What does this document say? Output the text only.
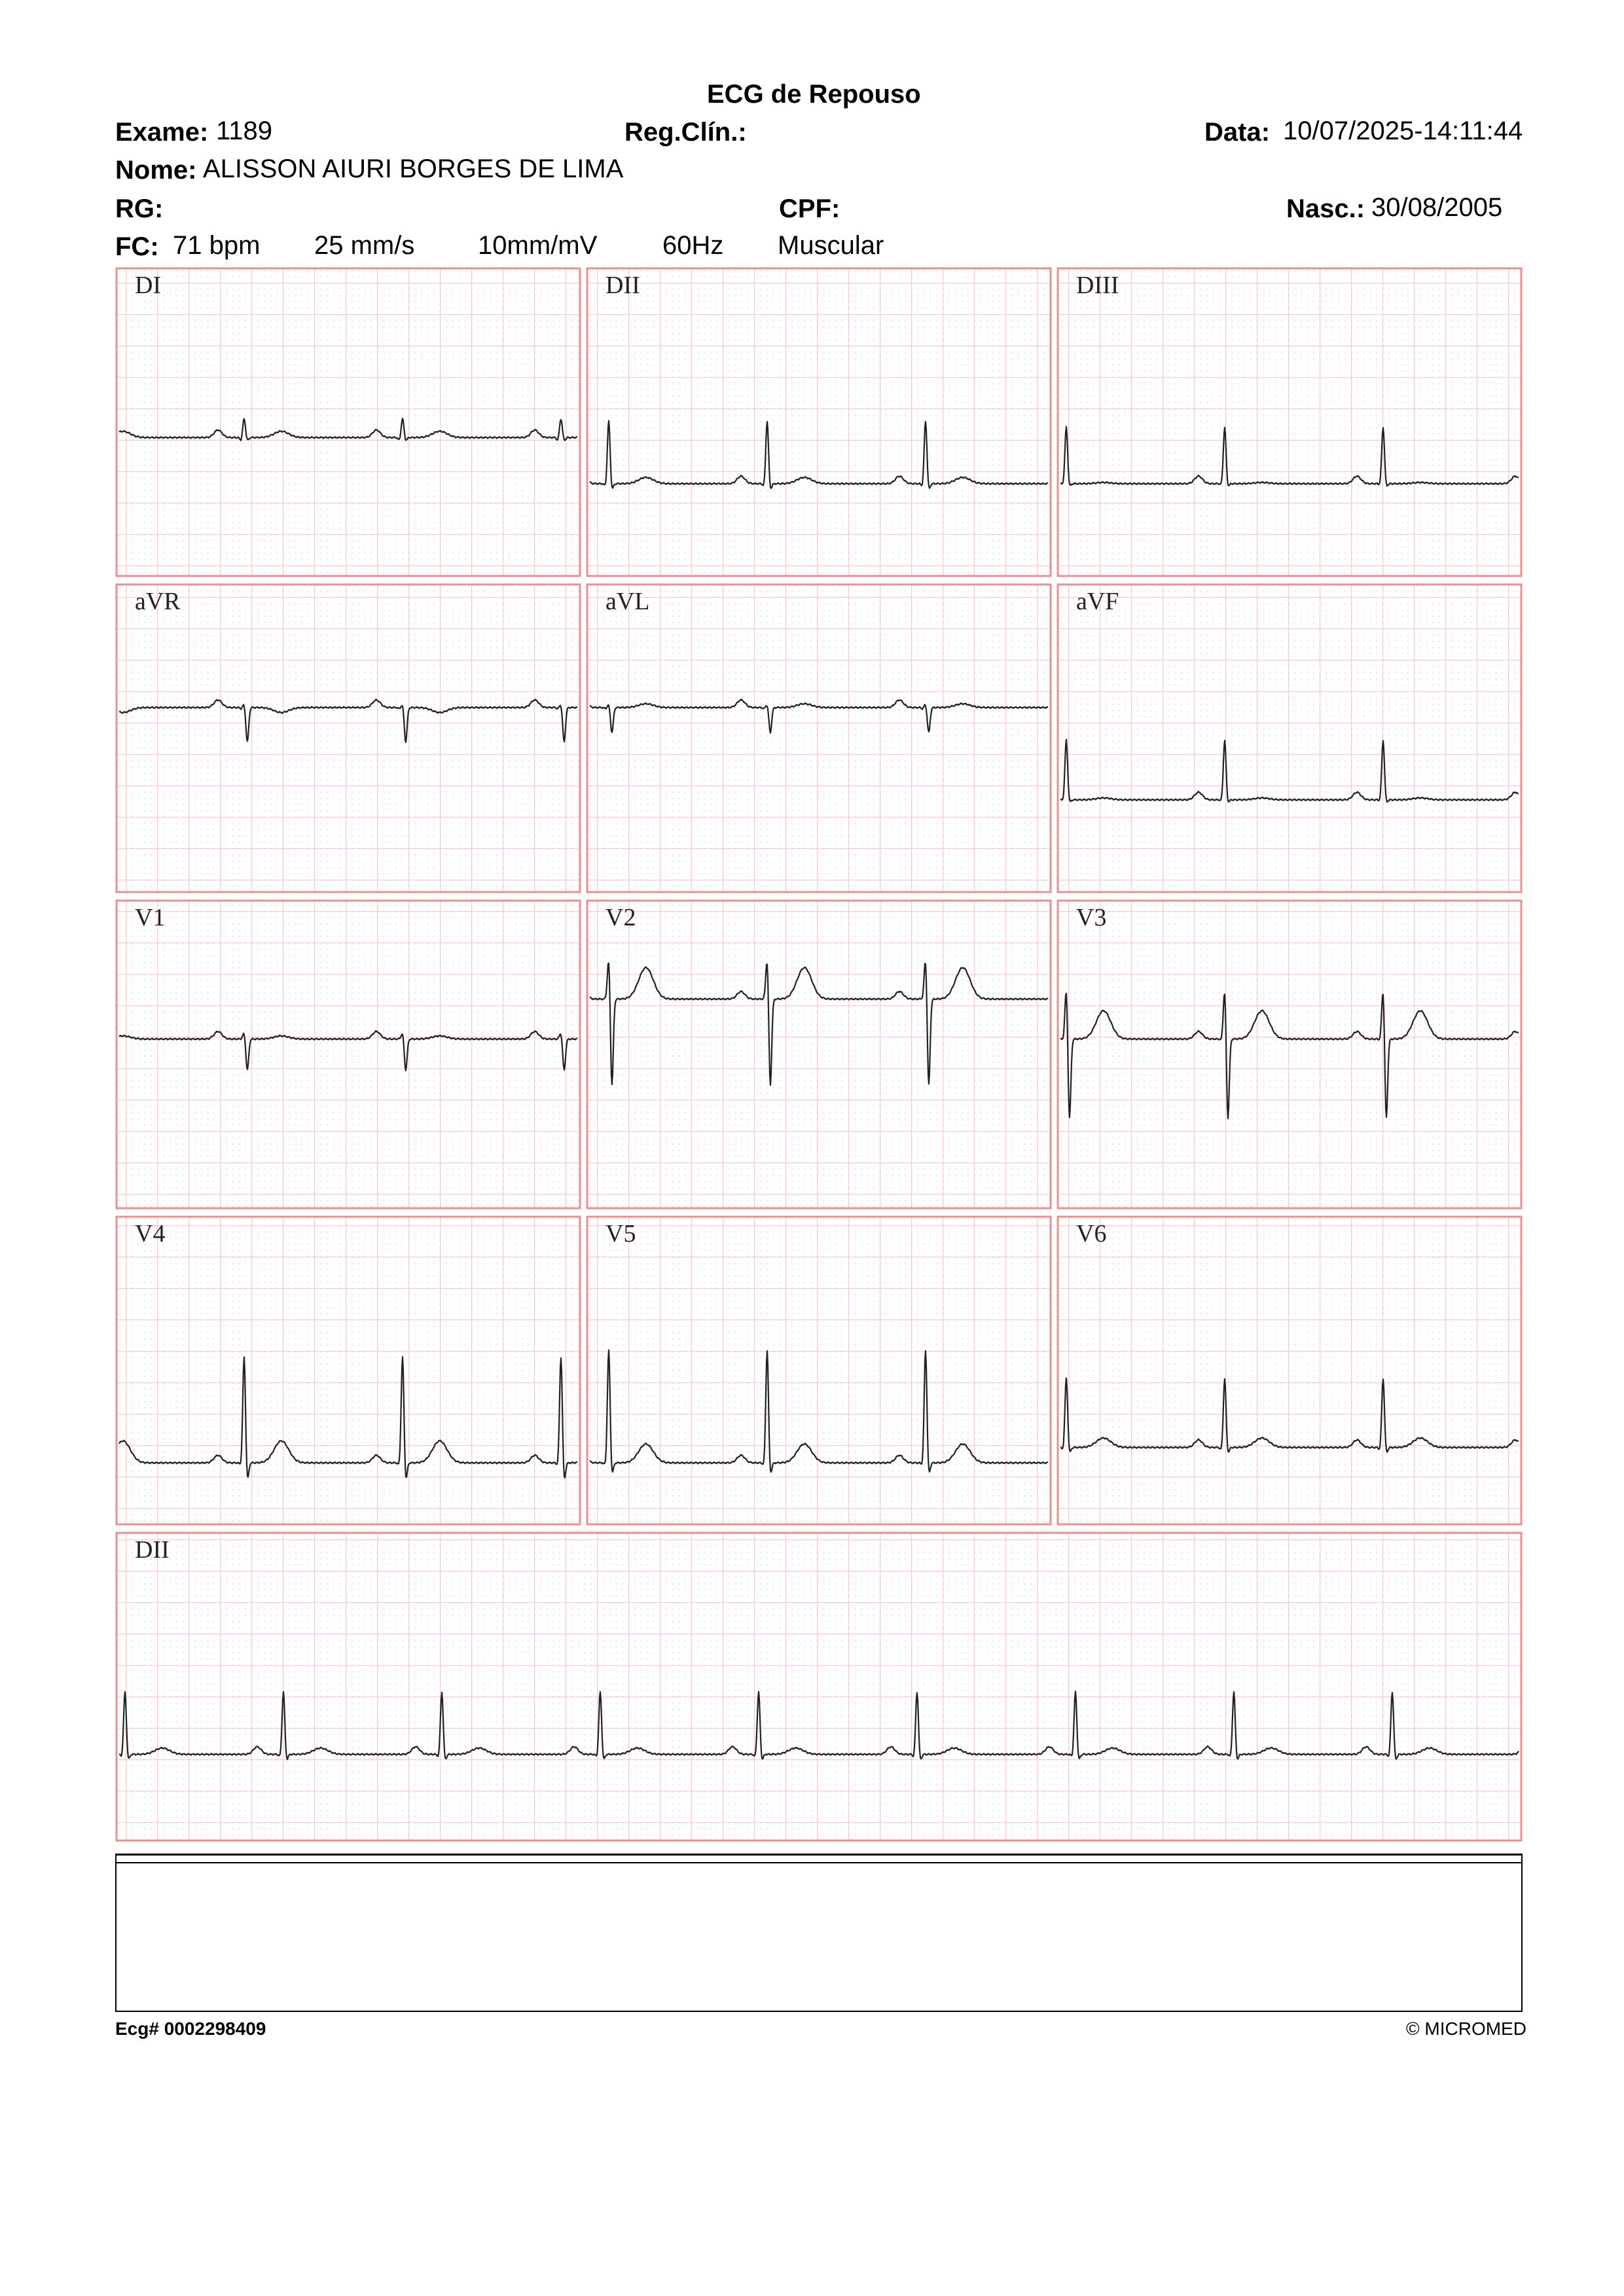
ECG de Repouso
Exame: 1189	Reg.Clín.:	Data: 10/07/2025-14:11:44
Nome: ALISSON AIURI BORGES DE LIMA
RG:	CPF:	Nasc.: 30/08/2005
FC: 71 bpm 25 mm/s 10mm/mV 60Hz Muscular
DI	DII	DIII
aVR	aVL	aVF
V1	V2	V3
V4	V5	V6
DII
Ecg# 0002298409	© MICROMED
